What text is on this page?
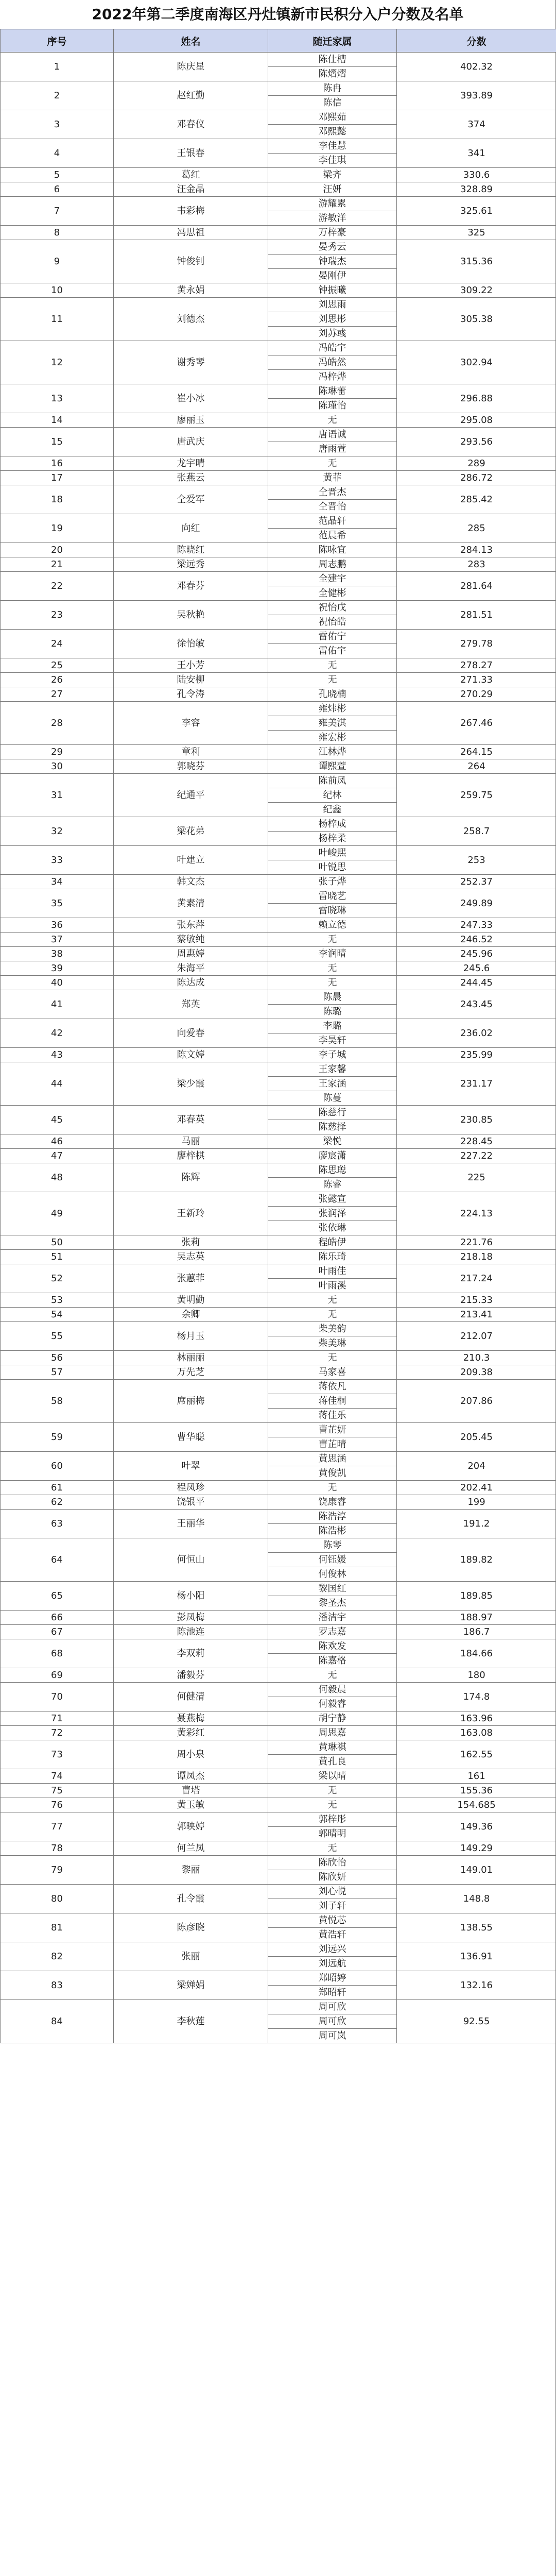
2022年第二季度南海区丹灶镇新市民积分入户分数及名单
序号	姓名	随迁家属	分数
1	陈庆星	陈仕槽	402.32
		陈熠熠	
2	赵红勤	陈冉	393.89
		陈信	
3	邓春仪	邓熙茹	374
		邓熙懿	
4	王银春	李佳慧	341
		李佳琪	
5	葛红	梁齐	330.6
6	汪金晶	汪妍	328.89
7	韦彩梅	游耀累	325.61
		游敏洋	
8	冯思祖	万梓豪	325
9	钟俊钊	晏秀云	315.36
		钟瑞杰	
		晏刚伊	
10	黄永娟	钟振曦	309.22
11	刘德杰	刘思雨	305.38
		刘思彤	
		刘苏彧	
12	谢秀琴	冯皓宇	302.94
		冯皓然	
		冯梓烨	
13	崔小冰	陈琳蕾	296.88
		陈瑾怡	
14	廖丽玉	无	295.08
15	唐武庆	唐语诚	293.56
		唐雨萱	
16	龙宇晴	无	289
17	张燕云	黄菲	286.72
18	仝爱军	仝晋杰	285.42
		仝晋怡	
19	向红	范晶轩	285
		范晨希	
20	陈晓红	陈咏宜	284.13
21	梁远秀	周志鹏	283
22	邓春芬	全建宇	281.64
		全健彬	
23	吴秋艳	祝怡戊	281.51
		祝怡皓	
24	徐怡敏	雷佑宁	279.78
		雷佑宇	
25	王小芳	无	278.27
26	陆安柳	无	271.33
27	孔令涛	孔晓楠	270.29
28	李容	雍炜彬	267.46
		雍美淇	
		雍宏彬	
29	章利	江林烨	264.15
30	郭晓芬	谭熙萱	264
31	纪通平	陈前凤	259.75
		纪林	
		纪鑫	
32	梁花弟	杨梓成	258.7
		杨梓柔	
33	叶建立	叶峻熙	253
		叶锐思	
34	韩文杰	张子烨	252.37
35	黄素清	雷晓艺	249.89
		雷晓琳	
36	张东萍	赖立德	247.33
37	蔡敏纯	无	246.52
38	周惠婷	李润晴	245.96
39	朱海平	无	245.6
40	陈达成	无	244.45
41	郑英	陈晨	243.45
		陈璐	
42	向爱春	李璐	236.02
		李昊轩	
43	陈文婷	李子城	235.99
44	梁少霞	王家馨	231.17
		王家涵	
		陈蔓	
45	邓春英	陈慈行	230.85
		陈慈择	
46	马丽	梁悦	228.45
47	廖梓棋	廖宸潇	227.22
48	陈辉	陈思聪	225
		陈睿	
49	王新玲	张懿宣	224.13
		张润泽	
		张依琳	
50	张莉	程皓伊	221.76
51	吴志英	陈乐琦	218.18
52	张蕙菲	叶雨佳	217.24
		叶雨溪	
53	黄明勤	无	215.33
54	余卿	无	213.41
55	杨月玉	柴美韵	212.07
		柴美琳	
56	林丽丽	无	210.3
57	万先芝	马家喜	209.38
58	席丽梅	蒋依凡	207.86
		蒋佳桐	
		蒋佳乐	
59	曹华聪	曹芷妍	205.45
		曹芷晴	
60	叶翠	黄思涵	204
		黄俊凯	
61	程凤珍	无	202.41
62	饶银平	饶康睿	199
63	王丽华	陈浩淳	191.2
		陈浩彬	
64	何恒山	陈琴	189.82
		何钰媛	
		何俊林	
65	杨小阳	黎国红	189.85
		黎圣杰	
66	彭凤梅	潘洁宇	188.97
67	陈池连	罗志嘉	186.7
68	李双莉	陈欢发	184.66
		陈嘉格	
69	潘毅芬	无	180
70	何健清	何毅晨	174.8
		何毅睿	
71	聂燕梅	胡宁静	163.96
72	黄彩红	周思嘉	163.08
73	周小泉	黄琳祺	162.55
		黄孔良	
74	谭凤杰	梁以晴	161
75	曹塔	无	155.36
76	黄玉敏	无	154.685
77	郭映婷	郭梓彤	149.36
		郭晴明	
78	何兰凤	无	149.29
79	黎丽	陈欣怡	149.01
		陈欣妍	
80	孔令霞	刘心悦	148.8
		刘子轩	
81	陈彦晓	黄悦芯	138.55
		黄浩轩	
82	张丽	刘远兴	136.91
		刘远航	
83	梁婵娟	郑昭婷	132.16
		郑昭轩	
84	李秋莲	周可欣	92.55
		周可欣	
		周可岚	
